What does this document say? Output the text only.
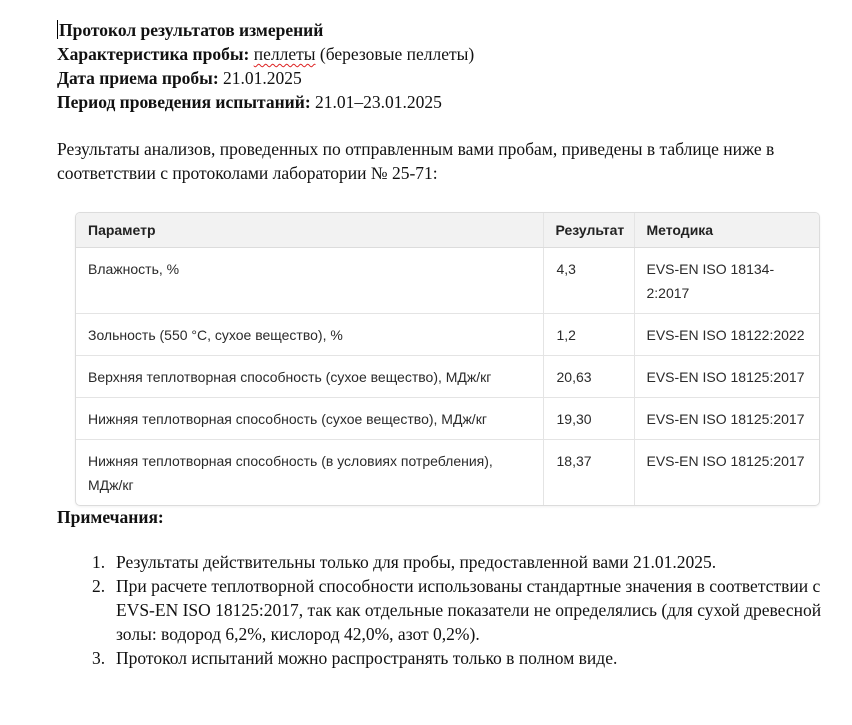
Протокол результатов измерений

Характеристика пробы: пеллеты (березовые пеллеты)

Дата приема пробы: 21.01.2025

Период проведения испытаний: 21.01–23.01.2025

Результаты анализов, проведенных по отправленным вами пробам, приведены в таблице ниже в соответствии с протоколами лаборатории № 25-71:

Параметр	Результат	Методика
Влажность, %	4,3	EVS-EN ISO 18134-2:2017
Зольность (550 °С, сухое вещество), %	1,2	EVS-EN ISO 18122:2022
Верхняя теплотворная способность (сухое вещество), МДж/кг	20,63	EVS-EN ISO 18125:2017
Нижняя теплотворная способность (сухое вещество), МДж/кг	19,30	EVS-EN ISO 18125:2017
Нижняя теплотворная способность (в условиях потребления), МДж/кг	18,37	EVS-EN ISO 18125:2017

Примечания:

1. Результаты действительны только для пробы, предоставленной вами 21.01.2025.
2. При расчете теплотворной способности использованы стандартные значения в соответствии с EVS-EN ISO 18125:2017, так как отдельные показатели не определялись (для сухой древесной золы: водород 6,2%, кислород 42,0%, азот 0,2%).
3. Протокол испытаний можно распространять только в полном виде.
